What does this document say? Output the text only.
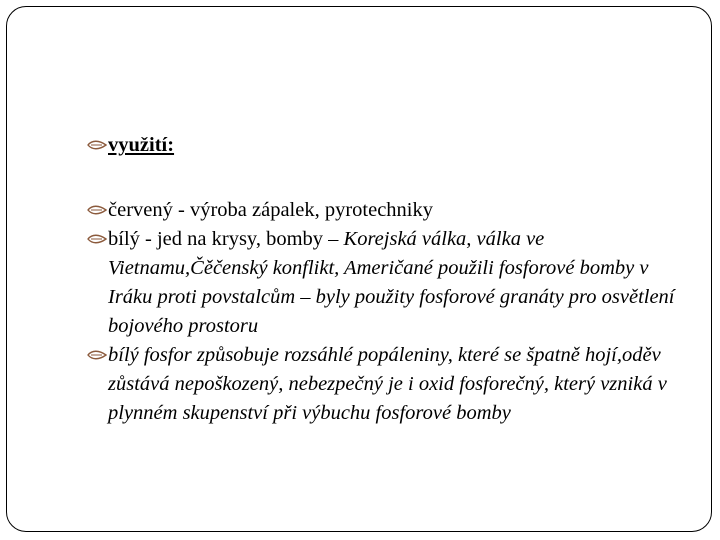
využití:
červený - výroba zápalek, pyrotechniky
bílý - jed na krysy, bomby – Korejská válka, válka ve Vietnamu,Čěčenský konflikt, Američané použili fosforové bomby v Iráku proti povstalcům – byly použity fosforové granáty pro osvětlení bojového prostoru
bílý fosfor způsobuje rozsáhlé popáleniny, které se špatně hojí,oděv zůstává nepoškozený, nebezpečný je i oxid fosforečný, který vzniká v plynném skupenství při výbuchu fosforové bomby
